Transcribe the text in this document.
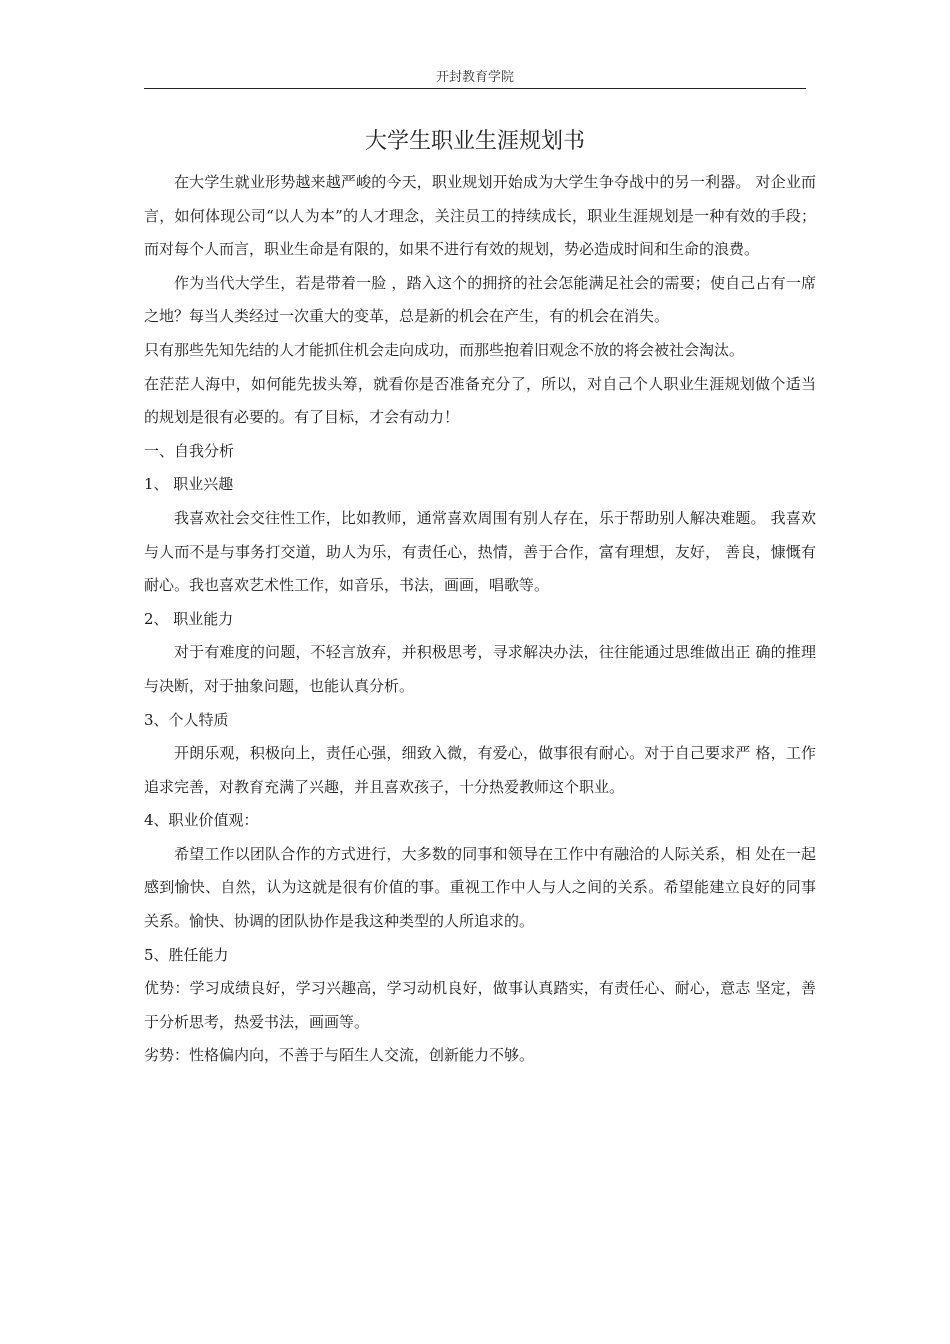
开封教育学院
大学生职业生涯规划书

在大学生就业形势越来越严峻的今天，职业规划开始成为大学生争夺战中的另一利器。 对企业而言，如何体现公司“以人为本”的人才理念，关注员工的持续成长，职业生涯规划是一种有效的手段；而对每个人而言，职业生命是有限的，如果不进行有效的规划，势必造成时间和生命的浪费。

作为当代大学生，若是带着一脸 ，踏入这个的拥挤的社会怎能满足社会的需要；使自己占有一席之地？每当人类经过一次重大的变革，总是新的机会在产生，有的机会在消失。

只有那些先知先结的人才能抓住机会走向成功，而那些抱着旧观念不放的将会被社会淘汰。

在茫茫人海中，如何能先拔头筹，就看你是否准备充分了，所以，对自己个人职业生涯规划做个适当的规划是很有必要的。有了目标，才会有动力！

一、自我分析

1、 职业兴趣

我喜欢社会交往性工作，比如教师，通常喜欢周围有别人存在，乐于帮助别人解决难题。 我喜欢与人而不是与事务打交道，助人为乐，有责任心，热情，善于合作，富有理想，友好， 善良，慷慨有耐心。我也喜欢艺术性工作，如音乐，书法，画画，唱歌等。

2、 职业能力

对于有难度的问题，不轻言放弃，并积极思考，寻求解决办法，往往能通过思维做出正 确的推理与决断，对于抽象问题，也能认真分析。

3、个人特质

开朗乐观，积极向上，责任心强，细致入微，有爱心，做事很有耐心。对于自己要求严 格，工作追求完善，对教育充满了兴趣，并且喜欢孩子，十分热爱教师这个职业。

4、职业价值观：

希望工作以团队合作的方式进行，大多数的同事和领导在工作中有融洽的人际关系，相 处在一起感到愉快、自然，认为这就是很有价值的事。重视工作中人与人之间的关系。希望能建立良好的同事关系。愉快、协调的团队协作是我这种类型的人所追求的。

5、胜任能力

优势：学习成绩良好，学习兴趣高，学习动机良好，做事认真踏实，有责任心、耐心，意志 坚定，善于分析思考，热爱书法，画画等。

劣势：性格偏内向，不善于与陌生人交流，创新能力不够。
